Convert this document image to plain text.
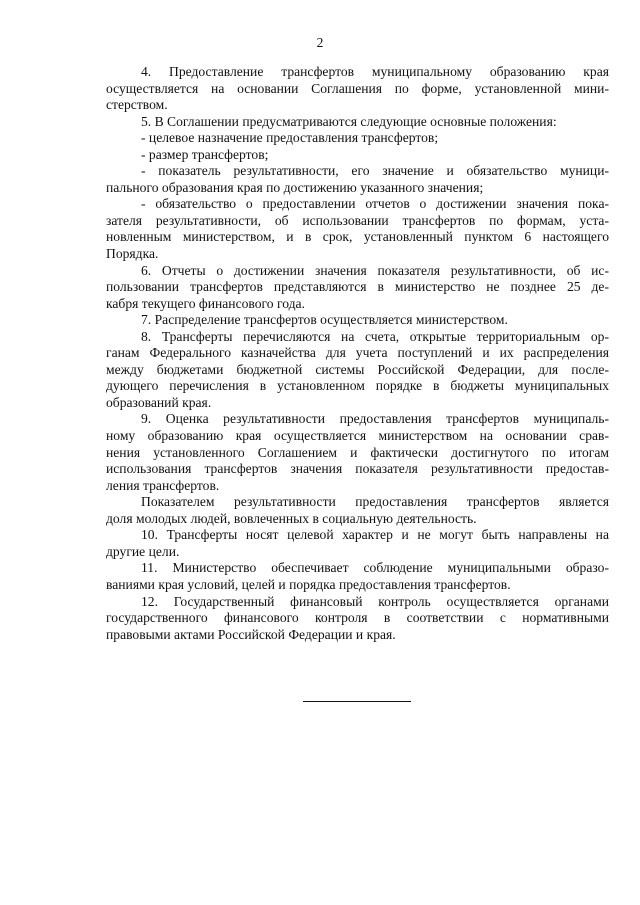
2
4. Предоставление трансфертов муниципальному образованию края
осуществляется на основании Соглашения по форме, установленной мини-
стерством.
5. В Соглашении предусматриваются следующие основные положения:
- целевое назначение предоставления трансфертов;
- размер трансфертов;
- показатель результативности, его значение и обязательство муници-
пального образования края по достижению указанного значения;
- обязательство о предоставлении отчетов о достижении значения пока-
зателя результативности, об использовании трансфертов по формам, уста-
новленным министерством, и в срок, установленный пунктом 6 настоящего
Порядка.
6. Отчеты о достижении значения показателя результативности, об ис-
пользовании трансфертов представляются в министерство не позднее 25 де-
кабря текущего финансового года.
7. Распределение трансфертов осуществляется министерством.
8. Трансферты перечисляются на счета, открытые территориальным ор-
ганам Федерального казначейства для учета поступлений и их распределения
между бюджетами бюджетной системы Российской Федерации, для после-
дующего перечисления в установленном порядке в бюджеты муниципальных
образований края.
9. Оценка результативности предоставления трансфертов муниципаль-
ному образованию края осуществляется министерством на основании срав-
нения установленного Соглашением и фактически достигнутого по итогам
использования трансфертов значения показателя результативности предостав-
ления трансфертов.
Показателем результативности предоставления трансфертов является
доля молодых людей, вовлеченных в социальную деятельность.
10. Трансферты носят целевой характер и не могут быть направлены на
другие цели.
11. Министерство обеспечивает соблюдение муниципальными образо-
ваниями края условий, целей и порядка предоставления трансфертов.
12. Государственный финансовый контроль осуществляется органами
государственного финансового контроля в соответствии с нормативными
правовыми актами Российской Федерации и края.
